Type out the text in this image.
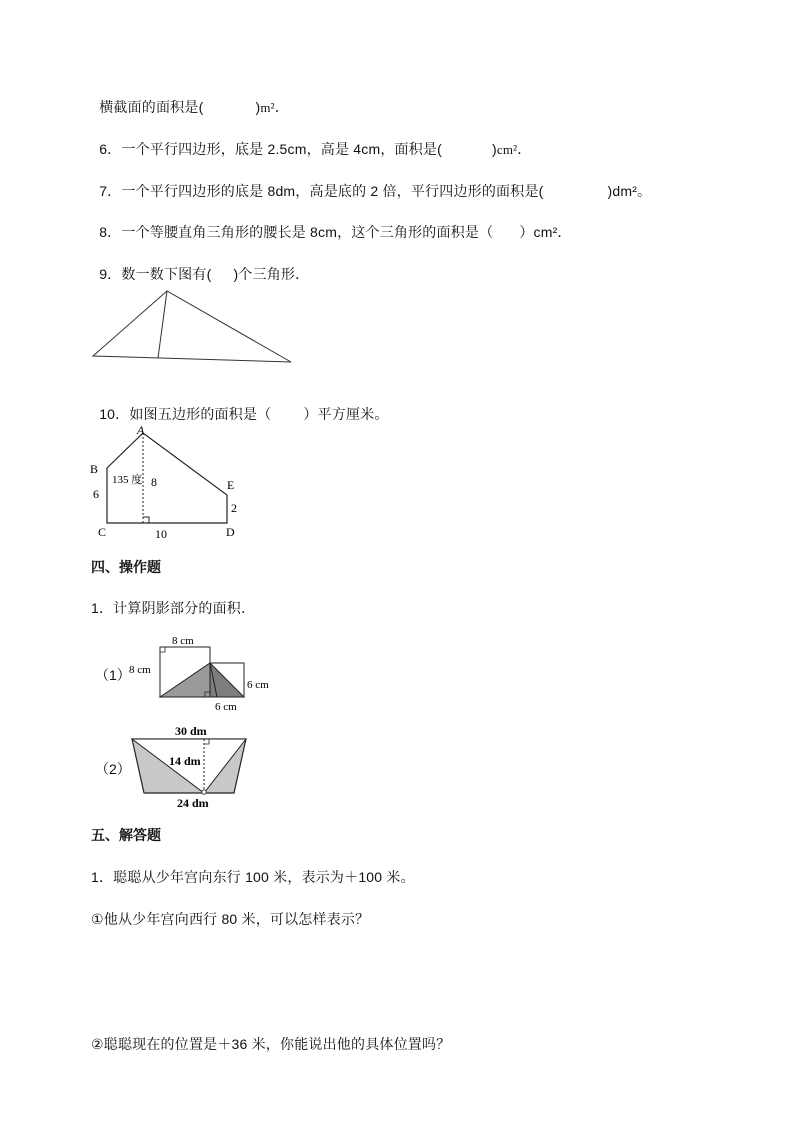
横截面的面积是(	)m²．

6．一个平行四边形，底是 2.5cm，高是 4cm，面积是(	)cm²．

7．一个平行四边形的底是 8dm，高是底的 2 倍，平行四边形的面积是(	)dm²。

8．一个等腰直角三角形的腰长是 8cm，这个三角形的面积是（ ）cm²．

9．数一数下图有( )个三角形．

10．如图五边形的面积是（ ）平方厘米。

A
B
C	D
E
135 度 8
6
2
10
四、操作题
1．计算阴影部分的面积．
（1）
8 cm
8 cm
6 cm
6 cm
（2）
30 dm
14 dm
24 dm
五、解答题
1．聪聪从少年宫向东行 100 米，表示为＋100 米。
①他从少年宫向西行 80 米，可以怎样表示？
②聪聪现在的位置是＋36 米，你能说出他的具体位置吗？
